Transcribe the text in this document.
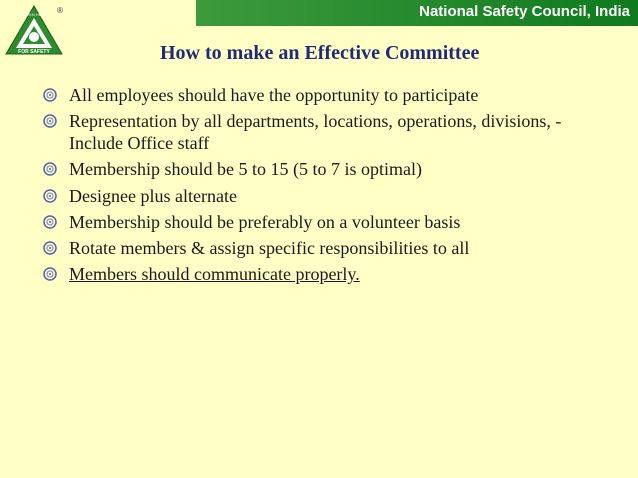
GREEN HERO
FOR SAFETY
®	National Safety Council, India
How to make an Effective Committee
All employees should have the opportunity to participate
Representation by all departments, locations, operations, divisions, - Include Office staff
Membership should be 5 to 15 (5 to 7 is optimal)
Designee plus alternate
Membership should be preferably on a volunteer basis
Rotate members & assign specific responsibilities to all
Members should communicate properly.
